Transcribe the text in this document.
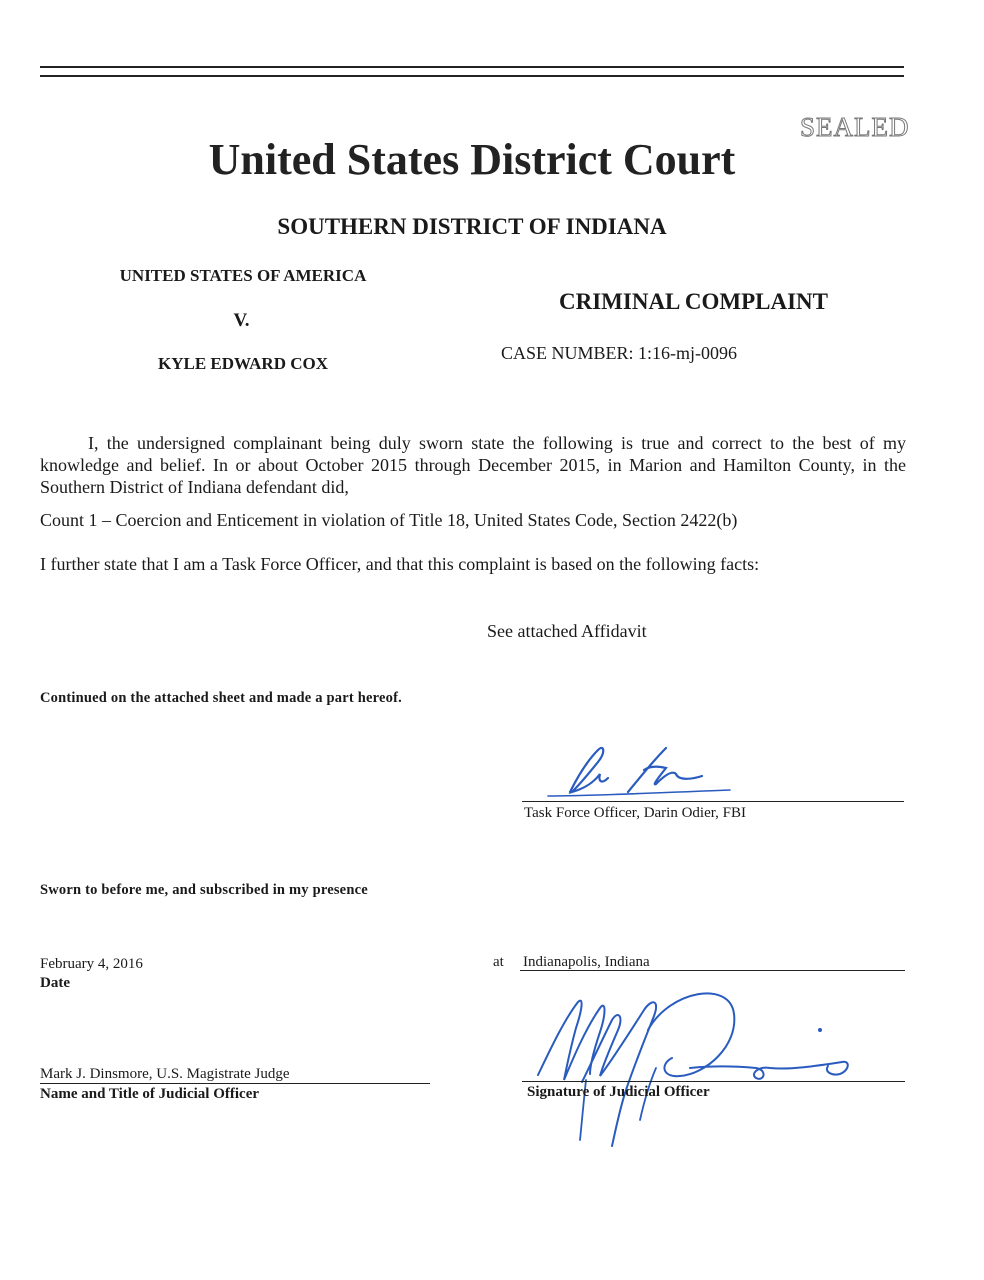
SEALED
United States District Court
SOUTHERN DISTRICT OF INDIANA
UNITED STATES OF AMERICA
V.
KYLE EDWARD COX
CRIMINAL COMPLAINT
CASE NUMBER: 1:16-mj-0096
I, the undersigned complainant being duly sworn state the following is true and correct to the best of my knowledge and belief. In or about October 2015 through December 2015, in Marion and Hamilton County, in the Southern District of Indiana defendant did,
Count 1 – Coercion and Enticement in violation of Title 18, United States Code, Section 2422(b)
I further state that I am a Task Force Officer, and that this complaint is based on the following facts:
See attached Affidavit
Continued on the attached sheet and made a part hereof.
Task Force Officer, Darin Odier, FBI
Sworn to before me, and subscribed in my presence
February 4, 2016
Date
at Indianapolis, Indiana
Mark J. Dinsmore, U.S. Magistrate Judge
Name and Title of Judicial Officer	Signature of Judicial Officer
